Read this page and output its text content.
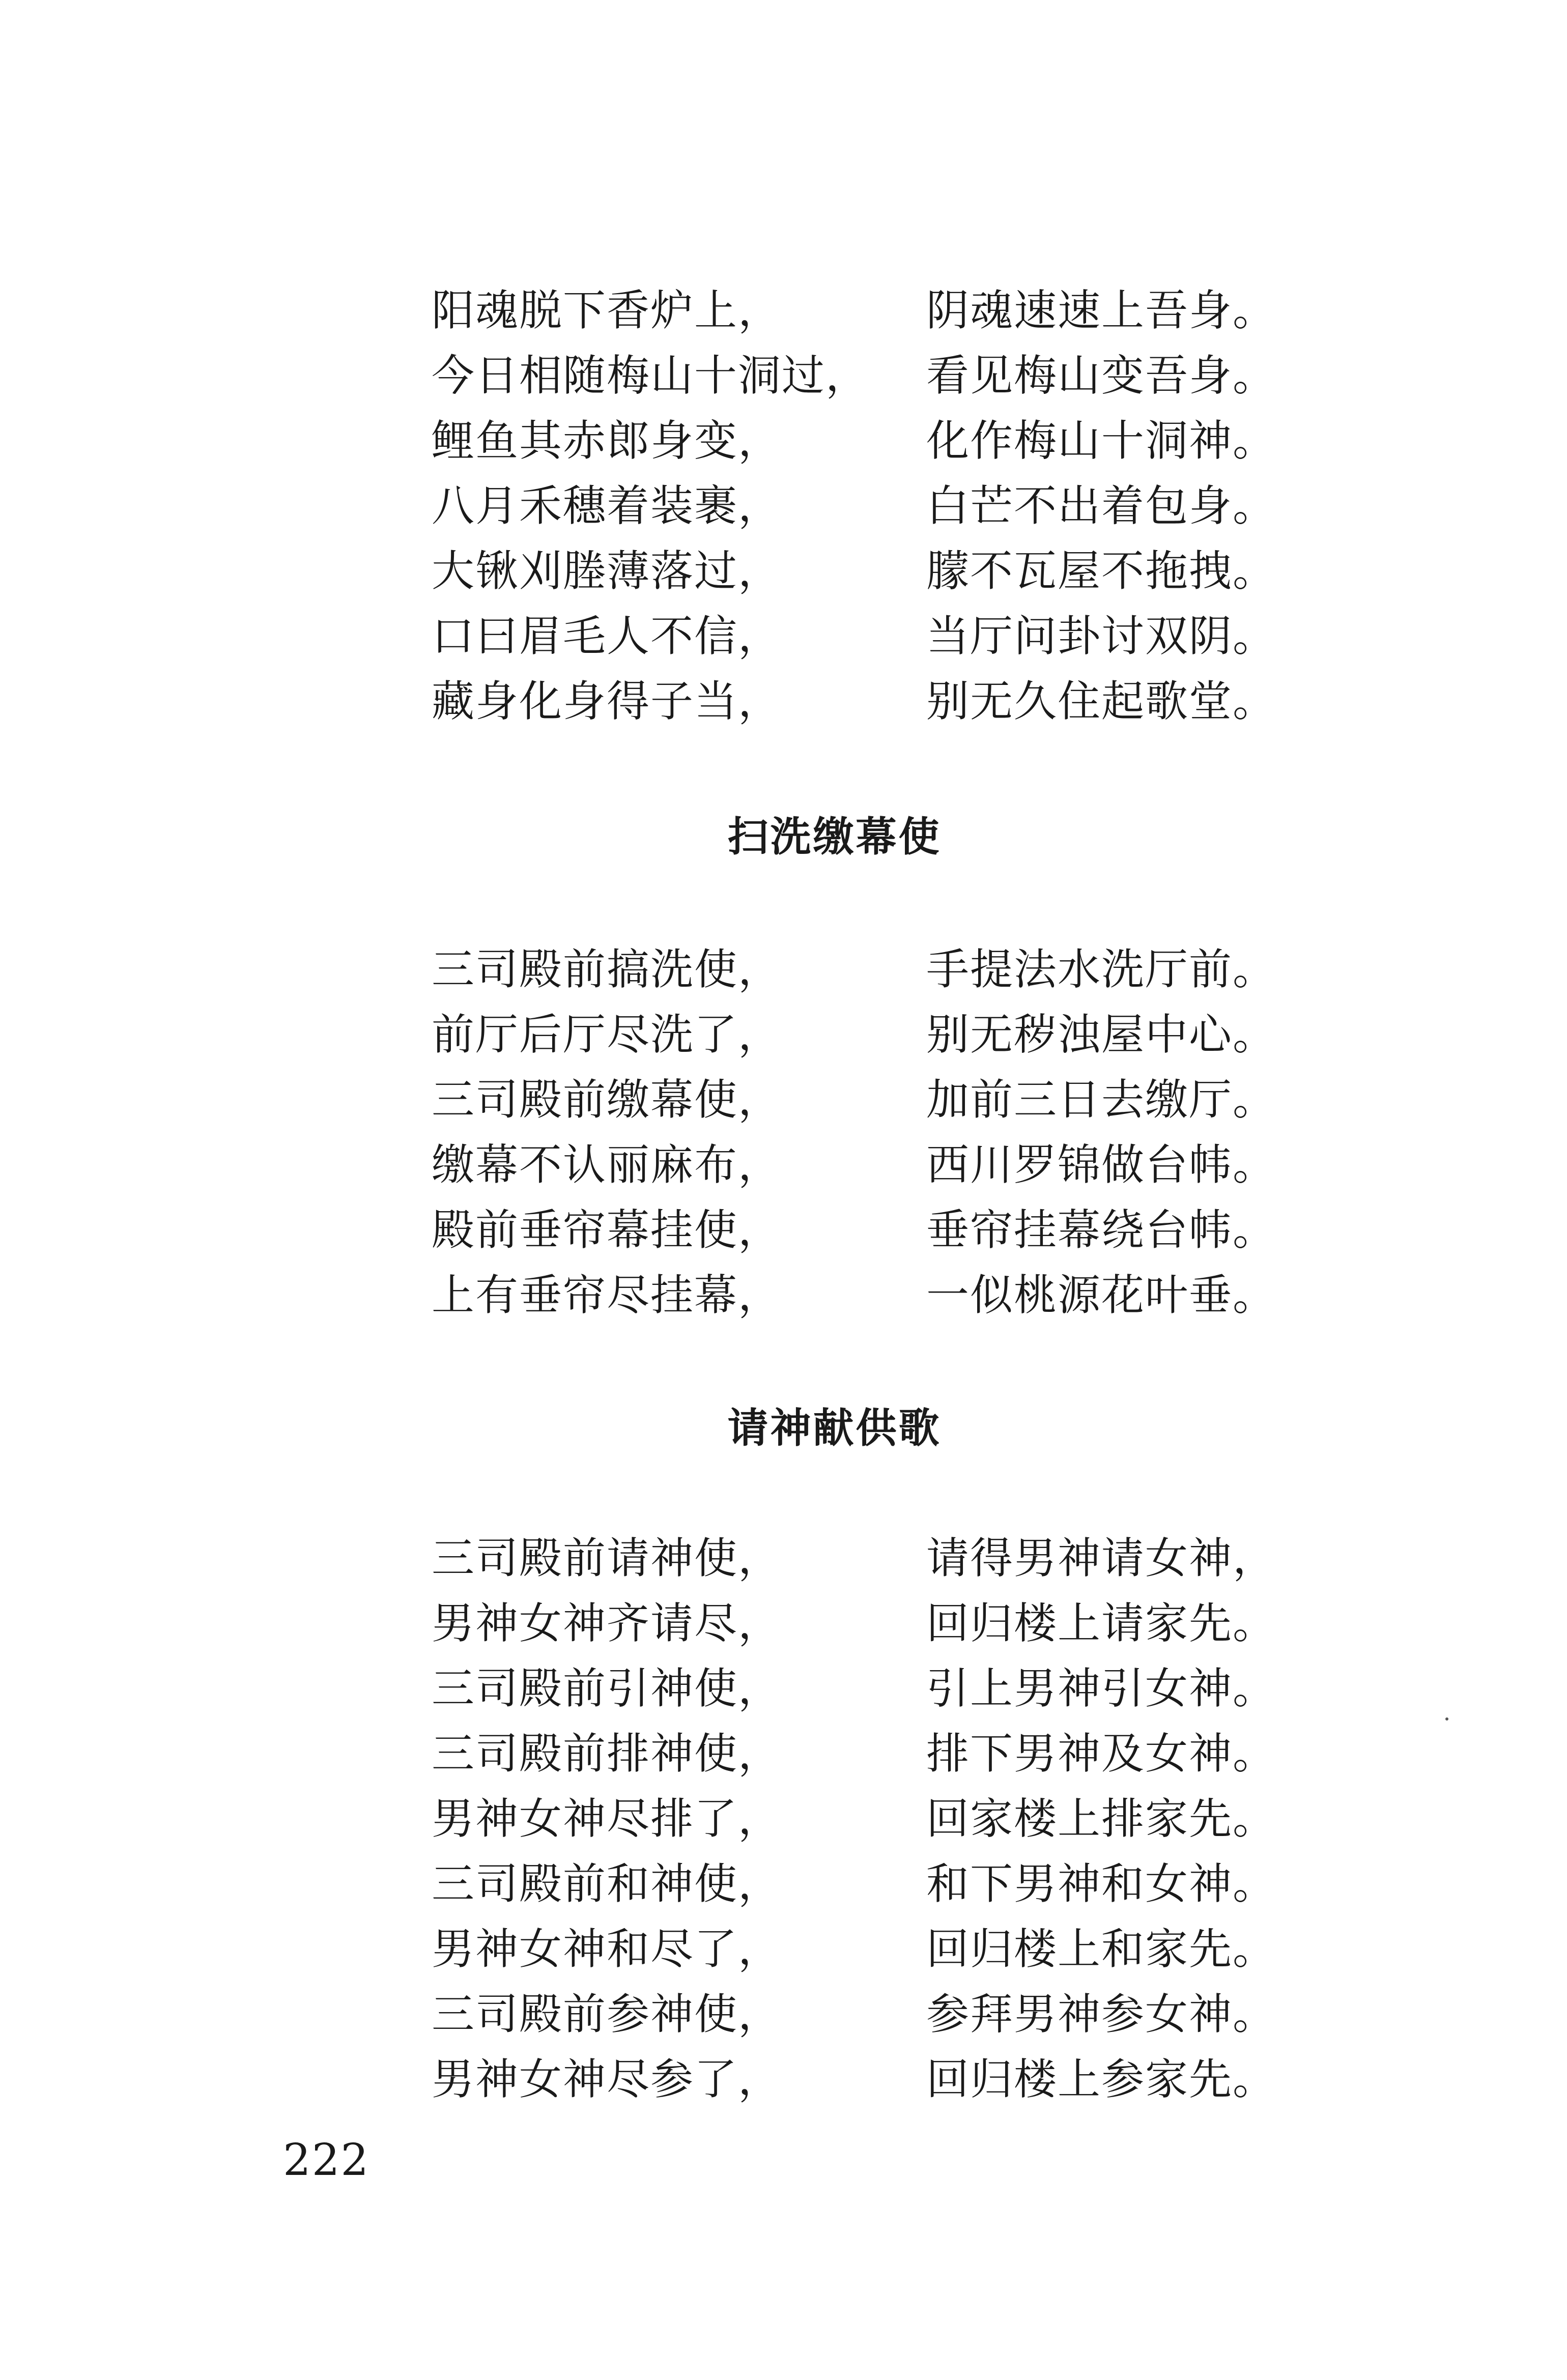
阳魂脱下香炉上，	阴魂速速上吾身。
今日相随梅山十洞过， 看见梅山变吾身。
鲤鱼其赤郎身变，	化作梅山十洞神。
八月禾穗着装裹，	白芒不出着包身。
大锹刈塍薄落过，	朦不瓦屋不拖拽。
口曰眉毛人不信，	当厅问卦讨双阴。
藏身化身得子当，	别无久住起歌堂。
扫洗缴幕使
三司殿前搞洗使，	手提法水洗厅前。
前厅后厅尽洗了，	别无秽浊屋中心。
三司殿前缴幕使，	加前三日去缴厅。
缴幕不认丽麻布，	西川罗锦做台帏。
殿前垂帘幕挂使，	垂帘挂幕绕台帏。
上有垂帘尽挂幕，	一似桃源花叶垂。
请神献供歌
三司殿前请神使，	请得男神请女神，
男神女神齐请尽，	回归楼上请家先。
三司殿前引神使，	引上男神引女神。
三司殿前排神使，	排下男神及女神。
男神女神尽排了，	回家楼上排家先。
三司殿前和神使，	和下男神和女神。
男神女神和尽了，	回归楼上和家先。
三司殿前参神使，	参拜男神参女神。
男神女神尽参了，	回归楼上参家先。
222
